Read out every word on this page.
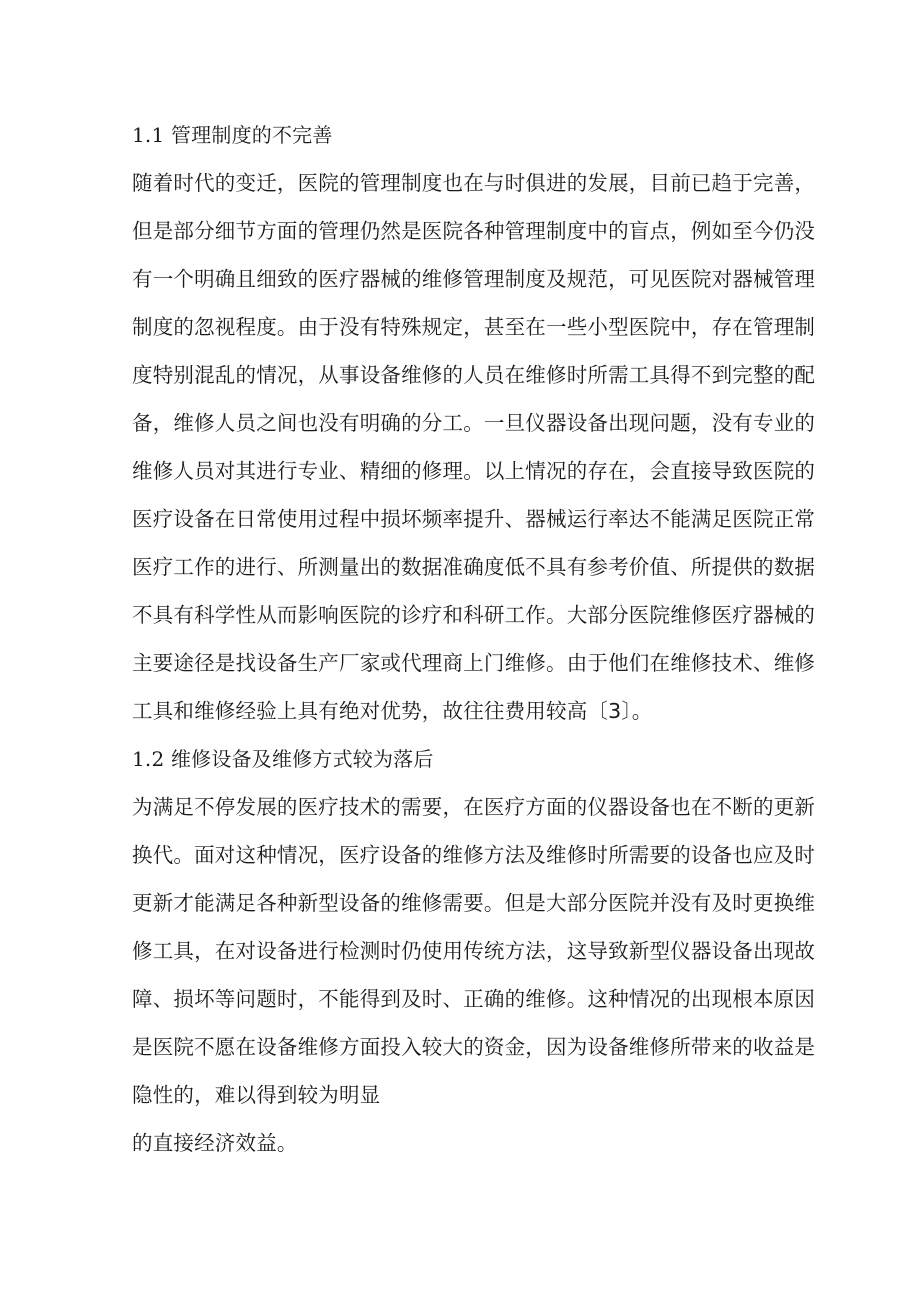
1.1 管理制度的不完善
随着时代的变迁，医院的管理制度也在与时俱进的发展，目前已趋于完善，
但是部分细节方面的管理仍然是医院各种管理制度中的盲点，例如至今仍没
有一个明确且细致的医疗器械的维修管理制度及规范，可见医院对器械管理
制度的忽视程度。由于没有特殊规定，甚至在一些小型医院中，存在管理制
度特别混乱的情况，从事设备维修的人员在维修时所需工具得不到完整的配
备，维修人员之间也没有明确的分工。一旦仪器设备出现问题，没有专业的
维修人员对其进行专业、精细的修理。以上情况的存在，会直接导致医院的
医疗设备在日常使用过程中损坏频率提升、器械运行率达不能满足医院正常
医疗工作的进行、所测量出的数据准确度低不具有参考价值、所提供的数据
不具有科学性从而影响医院的诊疗和科研工作。大部分医院维修医疗器械的
主要途径是找设备生产厂家或代理商上门维修。由于他们在维修技术、维修
工具和维修经验上具有绝对优势，故往往费用较高〔3〕。
1.2 维修设备及维修方式较为落后
为满足不停发展的医疗技术的需要，在医疗方面的仪器设备也在不断的更新
换代。面对这种情况，医疗设备的维修方法及维修时所需要的设备也应及时
更新才能满足各种新型设备的维修需要。但是大部分医院并没有及时更换维
修工具，在对设备进行检测时仍使用传统方法，这导致新型仪器设备出现故
障、损坏等问题时，不能得到及时、正确的维修。这种情况的出现根本原因
是医院不愿在设备维修方面投入较大的资金，因为设备维修所带来的收益是
隐性的，难以得到较为明显
的直接经济效益。
